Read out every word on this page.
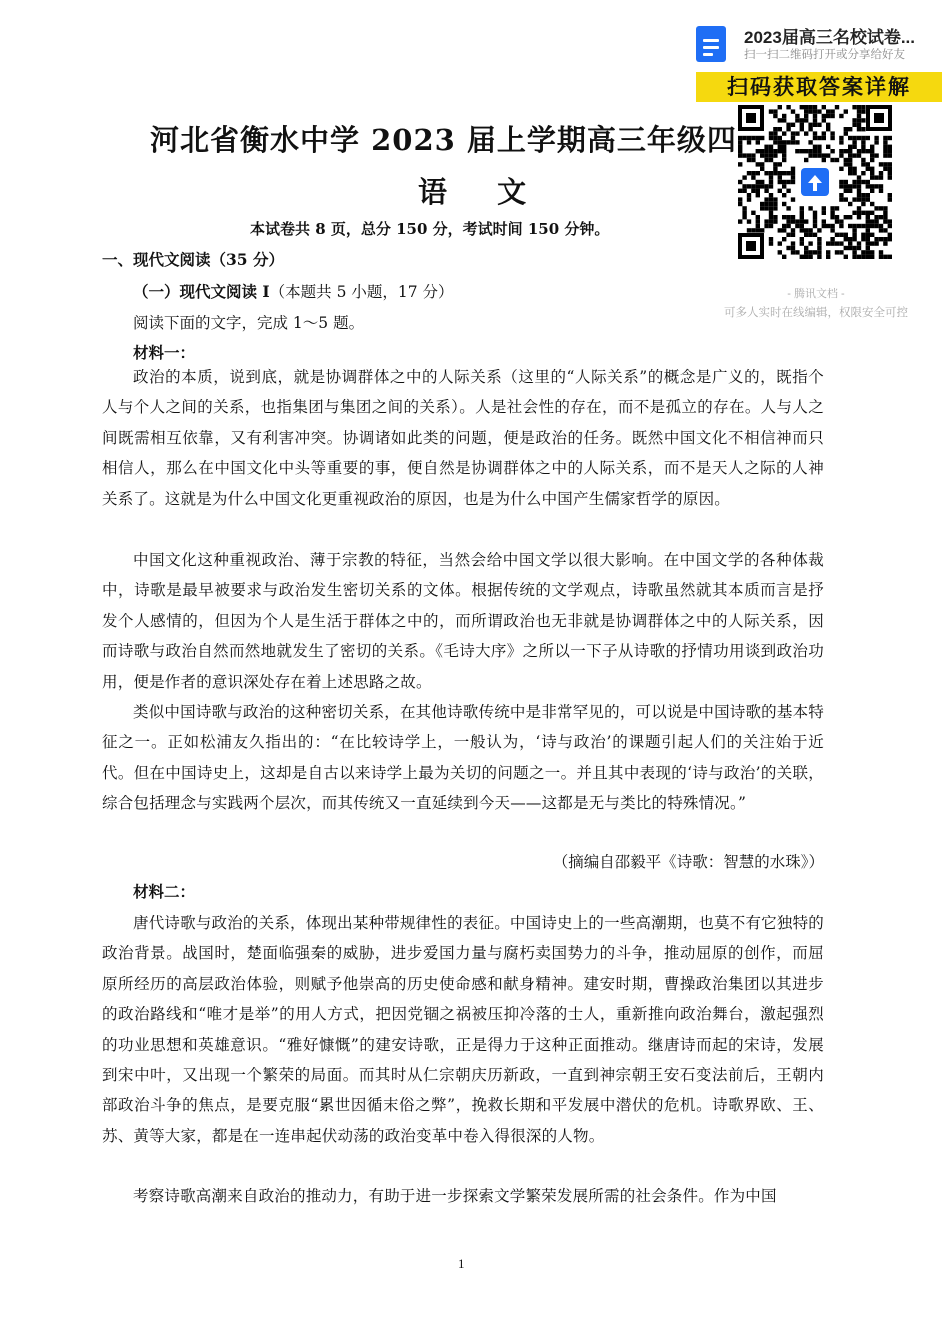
2023届高三名校试卷...
扫一扫二维码打开或分享给好友
扫码获取答案详解
- 腾讯文档 -
可多人实时在线编辑，权限安全可控
河北省衡水中学 2023 届上学期高三年级四
语 文
本试卷共 8 页，总分 150 分，考试时间 150 分钟。
一、现代文阅读（35 分）
（一）现代文阅读 Ⅰ（本题共 5 小题，17 分）
阅读下面的文字，完成 1～5 题。
材料一：

政治的本质，说到底，就是协调群体之中的人际关系（这里的“人际关系”的概念是广义的，既指个人与个人之间的关系，也指集团与集团之间的关系）。人是社会性的存在，而不是孤立的存在。人与人之间既需相互依靠，又有利害冲突。协调诸如此类的问题，便是政治的任务。既然中国文化不相信神而只相信人，那么在中国文化中头等重要的事，便自然是协调群体之中的人际关系，而不是天人之际的人神关系了。这就是为什么中国文化更重视政治的原因，也是为什么中国产生儒家哲学的原因。

中国文化这种重视政治、薄于宗教的特征，当然会给中国文学以很大影响。在中国文学的各种体裁中，诗歌是最早被要求与政治发生密切关系的文体。根据传统的文学观点，诗歌虽然就其本质而言是抒发个人感情的，但因为个人是生活于群体之中的，而所谓政治也无非就是协调群体之中的人际关系，因而诗歌与政治自然而然地就发生了密切的关系。《毛诗大序》之所以一下子从诗歌的抒情功用谈到政治功用，便是作者的意识深处存在着上述思路之故。

类似中国诗歌与政治的这种密切关系，在其他诗歌传统中是非常罕见的，可以说是中国诗歌的基本特征之一。正如松浦友久指出的：“在比较诗学上，一般认为，‘诗与政治’的课题引起人们的关注始于近代。但在中国诗史上，这却是自古以来诗学上最为关切的问题之一。并且其中表现的‘诗与政治’的关联，综合包括理念与实践两个层次，而其传统又一直延续到今天——这都是无与类比的特殊情况。”

（摘编自邵毅平《诗歌：智慧的水珠》）
材料二：

唐代诗歌与政治的关系，体现出某种带规律性的表征。中国诗史上的一些高潮期，也莫不有它独特的政治背景。战国时，楚面临强秦的威胁，进步爱国力量与腐朽卖国势力的斗争，推动屈原的创作，而屈原所经历的高层政治体验，则赋予他崇高的历史使命感和献身精神。建安时期，曹操政治集团以其进步的政治路线和“唯才是举”的用人方式，把因党锢之祸被压抑冷落的士人，重新推向政治舞台，激起强烈的功业思想和英雄意识。“雅好慷慨”的建安诗歌，正是得力于这种正面推动。继唐诗而起的宋诗，发展到宋中叶，又出现一个繁荣的局面。而其时从仁宗朝庆历新政，一直到神宗朝王安石变法前后，王朝内部政治斗争的焦点，是要克服“累世因循末俗之弊”，挽救长期和平发展中潜伏的危机。诗歌界欧、王、苏、黄等大家，都是在一连串起伏动荡的政治变革中卷入得很深的人物。

考察诗歌高潮来自政治的推动力，有助于进一步探索文学繁荣发展所需的社会条件。作为中国

1
